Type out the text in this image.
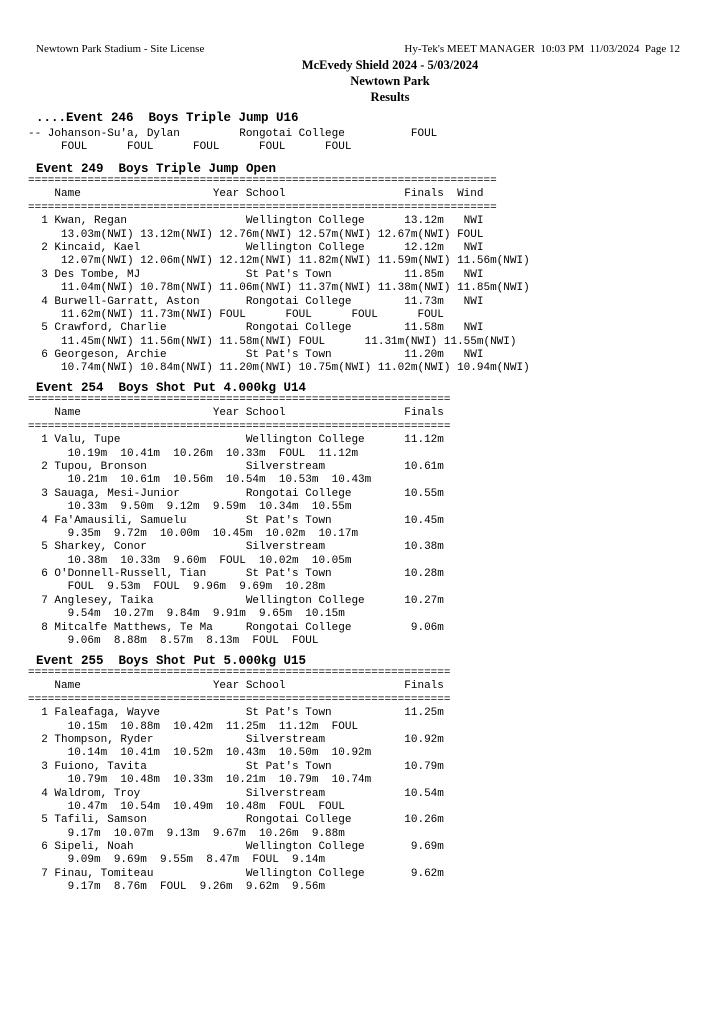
Newtown Park Stadium - Site License	Hy-Tek's MEET MANAGER  10:03 PM  11/03/2024  Page 12
McEvedy Shield 2024 - 5/03/2024
Newtown Park
Results
....Event 246  Boys Triple Jump U16
-- Johanson-Su'a, Dylan         Rongotai College          FOUL
FOUL      FOUL      FOUL      FOUL      FOUL
Event 249  Boys Triple Jump Open
=======================================================================
Name                    Year School                  Finals  Wind
=======================================================================
1 Kwan, Regan                  Wellington College      13.12m   NWI
13.03m(NWI) 13.12m(NWI) 12.76m(NWI) 12.57m(NWI) 12.67m(NWI) FOUL
2 Kincaid, Kael                Wellington College      12.12m   NWI
12.07m(NWI) 12.06m(NWI) 12.12m(NWI) 11.82m(NWI) 11.59m(NWI) 11.56m(NWI)
3 Des Tombe, MJ                St Pat's Town           11.85m   NWI
11.04m(NWI) 10.78m(NWI) 11.06m(NWI) 11.37m(NWI) 11.38m(NWI) 11.85m(NWI)
4 Burwell-Garratt, Aston       Rongotai College        11.73m   NWI
11.62m(NWI) 11.73m(NWI) FOUL      FOUL      FOUL      FOUL
5 Crawford, Charlie            Rongotai College        11.58m   NWI
11.45m(NWI) 11.56m(NWI) 11.58m(NWI) FOUL      11.31m(NWI) 11.55m(NWI)
6 Georgeson, Archie            St Pat's Town           11.20m   NWI
10.74m(NWI) 10.84m(NWI) 11.20m(NWI) 10.75m(NWI) 11.02m(NWI) 10.94m(NWI)
Event 254  Boys Shot Put 4.000kg U14
================================================================
Name                    Year School                  Finals
================================================================
1 Valu, Tupe                   Wellington College      11.12m
10.19m  10.41m  10.26m  10.33m  FOUL  11.12m
2 Tupou, Bronson               Silverstream            10.61m
10.21m  10.61m  10.56m  10.54m  10.53m  10.43m
3 Sauaga, Mesi-Junior          Rongotai College        10.55m
10.33m  9.50m  9.12m  9.59m  10.34m  10.55m
4 Fa'Amausili, Samuelu         St Pat's Town           10.45m
9.35m  9.72m  10.00m  10.45m  10.02m  10.17m
5 Sharkey, Conor               Silverstream            10.38m
10.38m  10.33m  9.60m  FOUL  10.02m  10.05m
6 O'Donnell-Russell, Tian      St Pat's Town           10.28m
FOUL  9.53m  FOUL  9.96m  9.69m  10.28m
7 Anglesey, Taika              Wellington College      10.27m
9.54m  10.27m  9.84m  9.91m  9.65m  10.15m
8 Mitcalfe Matthews, Te Ma     Rongotai College         9.06m
9.06m  8.88m  8.57m  8.13m  FOUL  FOUL
Event 255  Boys Shot Put 5.000kg U15
================================================================
Name                    Year School                  Finals
================================================================
1 Faleafaga, Wayve             St Pat's Town           11.25m
10.15m  10.88m  10.42m  11.25m  11.12m  FOUL
2 Thompson, Ryder              Silverstream            10.92m
10.14m  10.41m  10.52m  10.43m  10.50m  10.92m
3 Fuiono, Tavita               St Pat's Town           10.79m
10.79m  10.48m  10.33m  10.21m  10.79m  10.74m
4 Waldrom, Troy                Silverstream            10.54m
10.47m  10.54m  10.49m  10.48m  FOUL  FOUL
5 Tafili, Samson               Rongotai College        10.26m
9.17m  10.07m  9.13m  9.67m  10.26m  9.88m
6 Sipeli, Noah                 Wellington College       9.69m
9.09m  9.69m  9.55m  8.47m  FOUL  9.14m
7 Finau, Tomiteau              Wellington College       9.62m
9.17m  8.76m  FOUL  9.26m  9.62m  9.56m
